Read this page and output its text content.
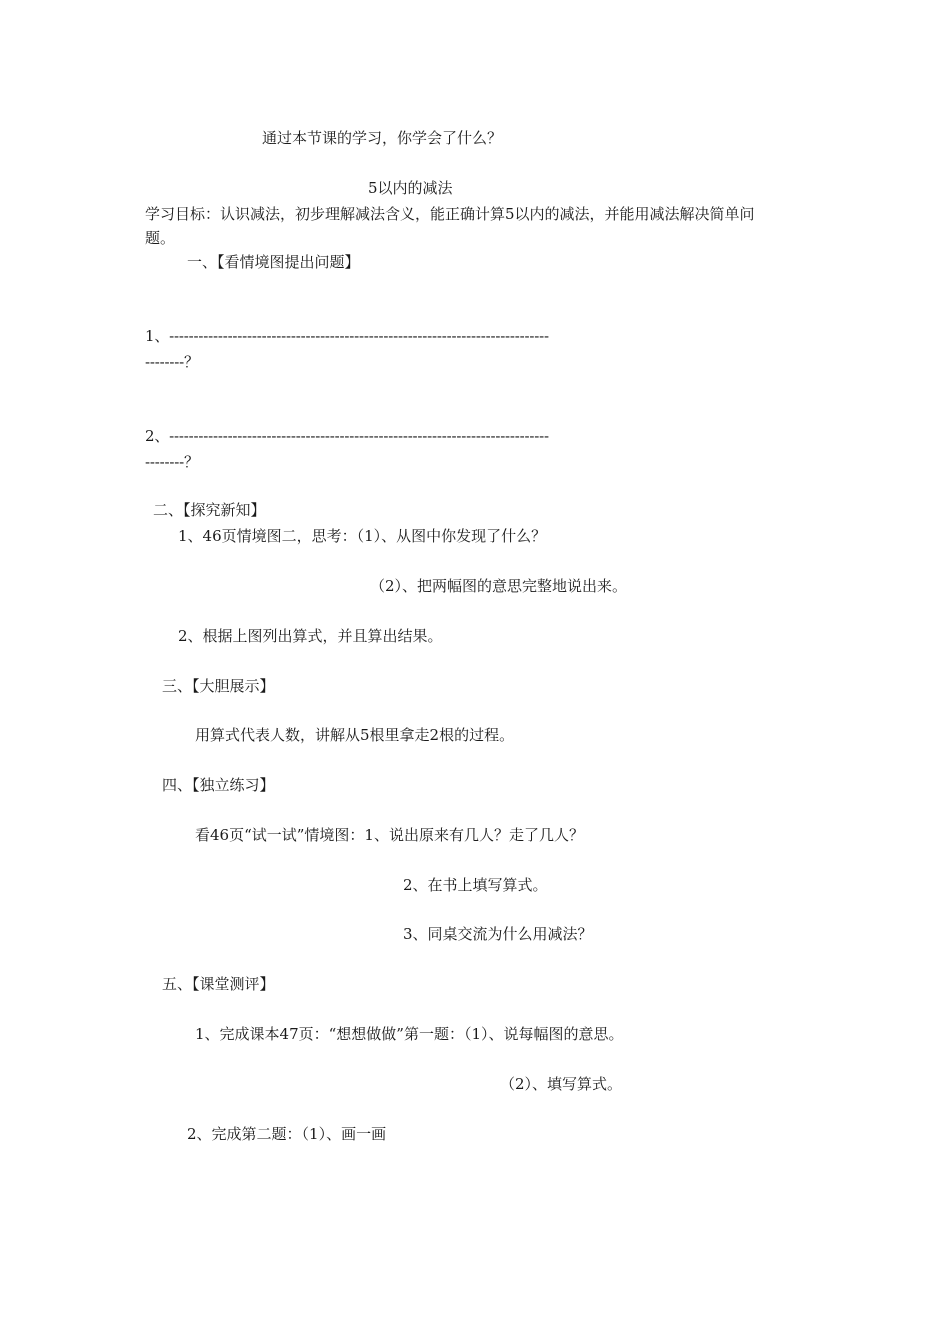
通过本节课的学习，你学会了什么？
5以内的减法
学习目标：认识减法，初步理解减法含义，能正确计算5以内的减法，并能用减法解决简单问
题。
一、【看情境图提出问题】
1、------------------------------------------------------------------------------
--------？
2、------------------------------------------------------------------------------
--------？
二、【探究新知】
1、46页情境图二，思考：（1）、从图中你发现了什么？
（2）、把两幅图的意思完整地说出来。
2、根据上图列出算式，并且算出结果。
三、【大胆展示】
用算式代表人数，讲解从5根里拿走2根的过程。
四、【独立练习】
看46页“试一试”情境图：1、说出原来有几人？走了几人？
2、在书上填写算式。
3、同桌交流为什么用减法？
五、【课堂测评】
1、完成课本47页：“想想做做”第一题：（1）、说每幅图的意思。
（2）、填写算式。
2、完成第二题：（1）、画一画
